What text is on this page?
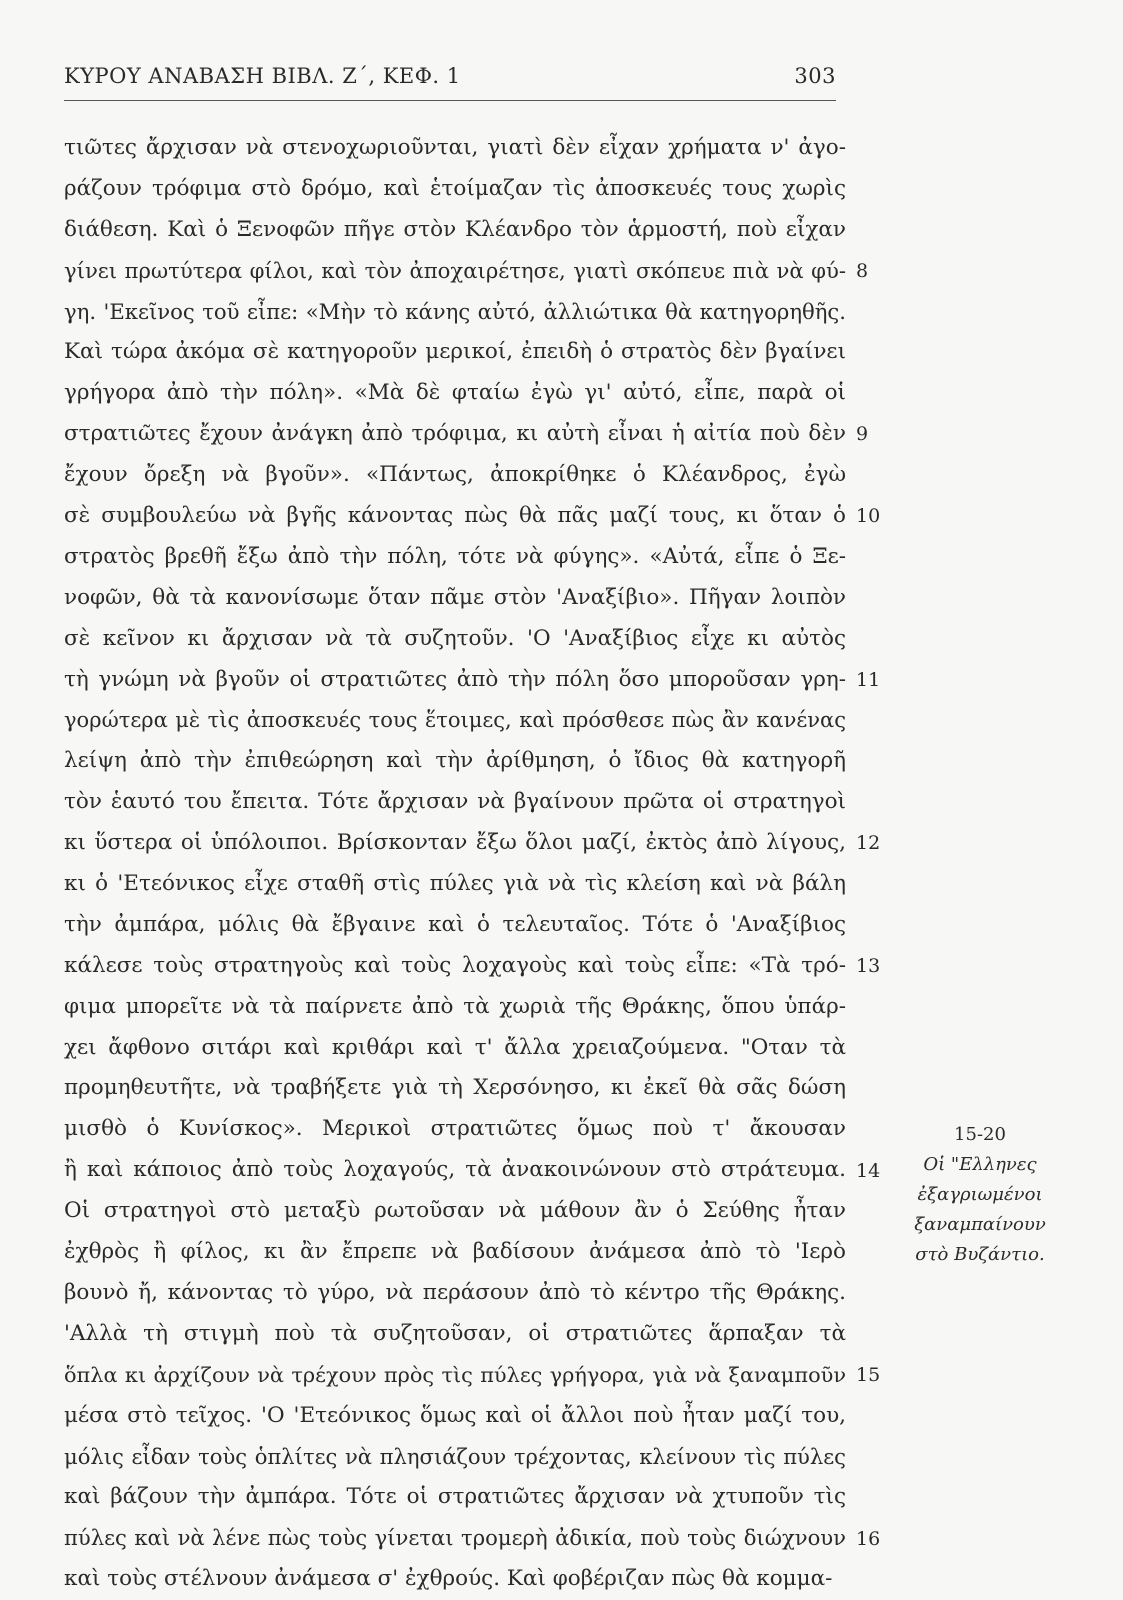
ΚΥΡΟΥ ΑΝΑΒΑΣΗ ΒΙΒΛ. Ζ΄, ΚΕΦ. 1	303
τιῶτες ἄρχισαν νὰ στενοχωριοῦνται, γιατὶ δὲν εἶχαν χρήματα ν' ἀγο-
ράζουν τρόφιμα στὸ δρόμο, καὶ ἑτοίμαζαν τὶς ἀποσκευές τους χωρὶς
διάθεση. Καὶ ὁ Ξενοφῶν πῆγε στὸν Κλέανδρο τὸν ἁρμοστή, ποὺ εἶχαν
γίνει πρωτύτερα φίλοι, καὶ τὸν ἀποχαιρέτησε, γιατὶ σκόπευε πιὰ νὰ φύ-
γη. 'Εκεῖνος τοῦ εἶπε: «Μὴν τὸ κάνης αὐτό, ἀλλιώτικα θὰ κατηγορηθῆς.
Καὶ τώρα ἀκόμα σὲ κατηγοροῦν μερικοί, ἐπειδὴ ὁ στρατὸς δὲν βγαίνει
γρήγορα ἀπὸ τὴν πόλη». «Μὰ δὲ φταίω ἐγὼ γι' αὐτό, εἶπε, παρὰ οἱ
στρατιῶτες ἔχουν ἀνάγκη ἀπὸ τρόφιμα, κι αὐτὴ εἶναι ἡ αἰτία ποὺ δὲν
ἔχουν ὄρεξη νὰ βγοῦν». «Πάντως, ἀποκρίθηκε ὁ Κλέανδρος, ἐγὼ
σὲ συμβουλεύω νὰ βγῆς κάνοντας πὼς θὰ πᾶς μαζί τους, κι ὅταν ὁ
στρατὸς βρεθῆ ἔξω ἀπὸ τὴν πόλη, τότε νὰ φύγης». «Αὐτά, εἶπε ὁ Ξε-
νοφῶν, θὰ τὰ κανονίσωμε ὅταν πᾶμε στὸν 'Αναξίβιο». Πῆγαν λοιπὸν
σὲ κεῖνον κι ἄρχισαν νὰ τὰ συζητοῦν. 'Ο 'Αναξίβιος εἶχε κι αὐτὸς
τὴ γνώμη νὰ βγοῦν οἱ στρατιῶτες ἀπὸ τὴν πόλη ὅσο μποροῦσαν γρη-
γορώτερα μὲ τὶς ἀποσκευές τους ἕτοιμες, καὶ πρόσθεσε πὼς ἂν κανένας
λείψη ἀπὸ τὴν ἐπιθεώρηση καὶ τὴν ἀρίθμηση, ὁ ἴδιος θὰ κατηγορῆ
τὸν ἑαυτό του ἔπειτα. Τότε ἄρχισαν νὰ βγαίνουν πρῶτα οἱ στρατηγοὶ
κι ὕστερα οἱ ὑπόλοιποι. Βρίσκονταν ἔξω ὅλοι μαζί, ἐκτὸς ἀπὸ λίγους,
κι ὁ 'Ετεόνικος εἶχε σταθῆ στὶς πύλες γιὰ νὰ τὶς κλείση καὶ νὰ βάλη
τὴν ἀμπάρα, μόλις θὰ ἔβγαινε καὶ ὁ τελευταῖος. Τότε ὁ 'Αναξίβιος
κάλεσε τοὺς στρατηγοὺς καὶ τοὺς λοχαγοὺς καὶ τοὺς εἶπε: «Τὰ τρό-
φιμα μπορεῖτε νὰ τὰ παίρνετε ἀπὸ τὰ χωριὰ τῆς Θράκης, ὅπου ὑπάρ-
χει ἄφθονο σιτάρι καὶ κριθάρι καὶ τ' ἄλλα χρειαζούμενα. "Οταν τὰ
προμηθευτῆτε, νὰ τραβήξετε γιὰ τὴ Χερσόνησο, κι ἐκεῖ θὰ σᾶς δώση
μισθὸ ὁ Κυνίσκος». Μερικοὶ στρατιῶτες ὅμως ποὺ τ' ἄκουσαν
ἢ καὶ κάποιος ἀπὸ τοὺς λοχαγούς, τὰ ἀνακοινώνουν στὸ στράτευμα.
Οἱ στρατηγοὶ στὸ μεταξὺ ρωτοῦσαν νὰ μάθουν ἂν ὁ Σεύθης ἦταν
ἐχθρὸς ἢ φίλος, κι ἂν ἔπρεπε νὰ βαδίσουν ἀνάμεσα ἀπὸ τὸ 'Ιερὸ
βουνὸ ἤ, κάνοντας τὸ γύρο, νὰ περάσουν ἀπὸ τὸ κέντρο τῆς Θράκης.
'Αλλὰ τὴ στιγμὴ ποὺ τὰ συζητοῦσαν, οἱ στρατιῶτες ἅρπαξαν τὰ
ὅπλα κι ἀρχίζουν νὰ τρέχουν πρὸς τὶς πύλες γρήγορα, γιὰ νὰ ξαναμποῦν
μέσα στὸ τεῖχος. 'Ο 'Ετεόνικος ὅμως καὶ οἱ ἄλλοι ποὺ ἦταν μαζί του,
μόλις εἶδαν τοὺς ὁπλίτες νὰ πλησιάζουν τρέχοντας, κλείνουν τὶς πύλες
καὶ βάζουν τὴν ἀμπάρα. Τότε οἱ στρατιῶτες ἄρχισαν νὰ χτυποῦν τὶς
πύλες καὶ νὰ λένε πὼς τοὺς γίνεται τρομερὴ ἀδικία, ποὺ τοὺς διώχνουν
καὶ τοὺς στέλνουν ἀνάμεσα σ' ἐχθρούς. Καὶ φοβέριζαν πὼς θὰ κομμα-
8
9
10
11
12
13
14
15
16
15-20
Οἱ "Ελληνες
ἐξαγριωμένοι
ξαναμπαίνουν
στὸ Βυζάντιο.
